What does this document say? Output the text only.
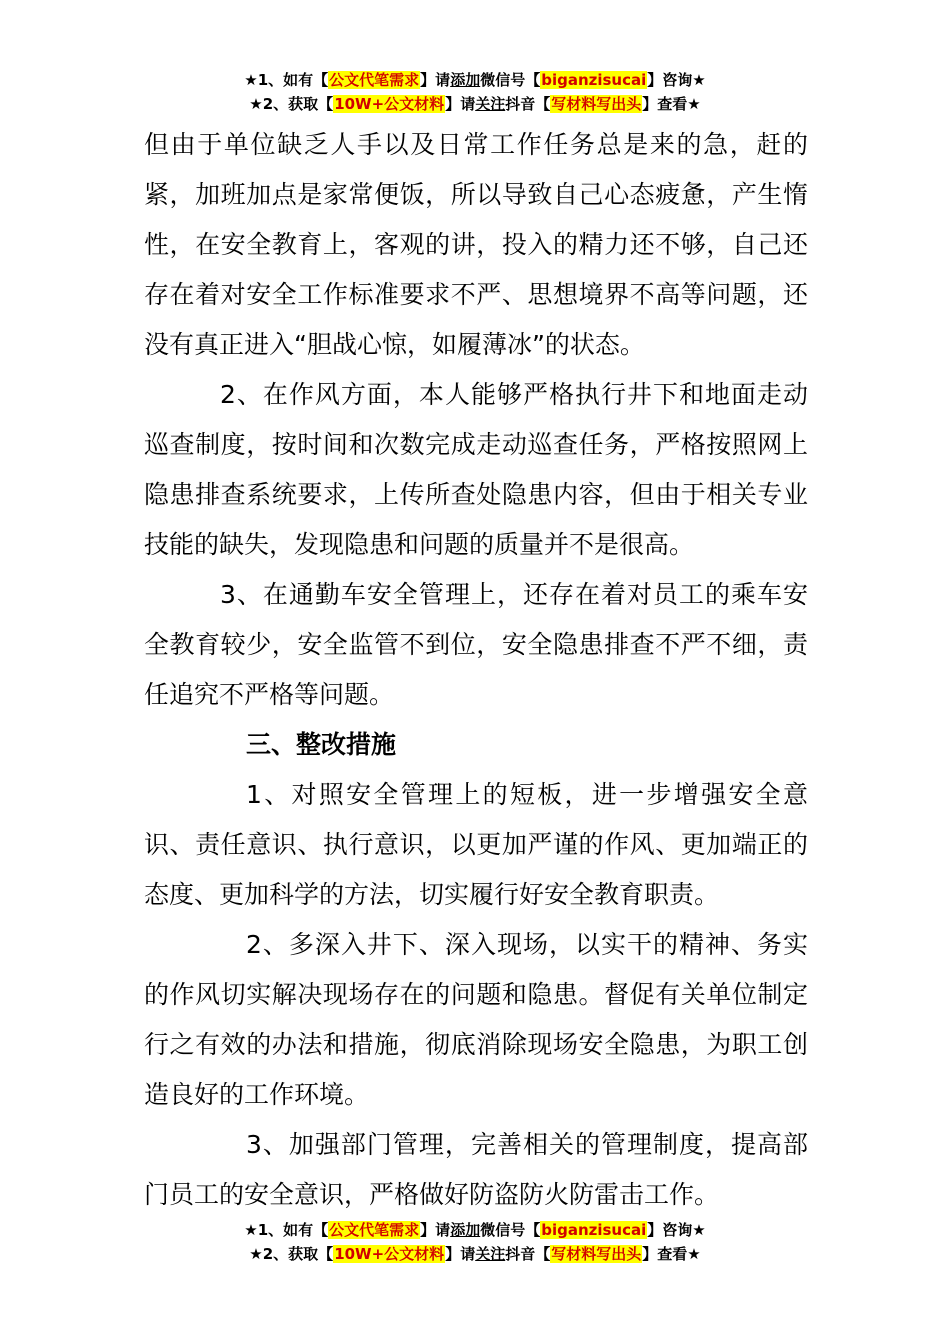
★1、如有【公文代笔需求】请添加微信号【biganzisucai】咨询★
★2、获取【10W+公文材料】请关注抖音【写材料写出头】查看★

但由于单位缺乏人手以及日常工作任务总是来的急，赶的紧，加班加点是家常便饭，所以导致自己心态疲惫，产生惰性，在安全教育上，客观的讲，投入的精力还不够，自己还存在着对安全工作标准要求不严、思想境界不高等问题，还没有真正进入“胆战心惊，如履薄冰”的状态。

2、在作风方面，本人能够严格执行井下和地面走动巡查制度，按时间和次数完成走动巡查任务，严格按照网上隐患排查系统要求，上传所查处隐患内容，但由于相关专业技能的缺失，发现隐患和问题的质量并不是很高。

3、在通勤车安全管理上，还存在着对员工的乘车安全教育较少，安全监管不到位，安全隐患排查不严不细，责任追究不严格等问题。

三、整改措施

1、对照安全管理上的短板，进一步增强安全意识、责任意识、执行意识，以更加严谨的作风、更加端正的态度、更加科学的方法，切实履行好安全教育职责。

2、多深入井下、深入现场，以实干的精神、务实的作风切实解决现场存在的问题和隐患。督促有关单位制定行之有效的办法和措施，彻底消除现场安全隐患，为职工创造良好的工作环境。

3、加强部门管理，完善相关的管理制度，提高部门员工的安全意识，严格做好防盗防火防雷击工作。

★1、如有【公文代笔需求】请添加微信号【biganzisucai】咨询★
★2、获取【10W+公文材料】请关注抖音【写材料写出头】查看★
